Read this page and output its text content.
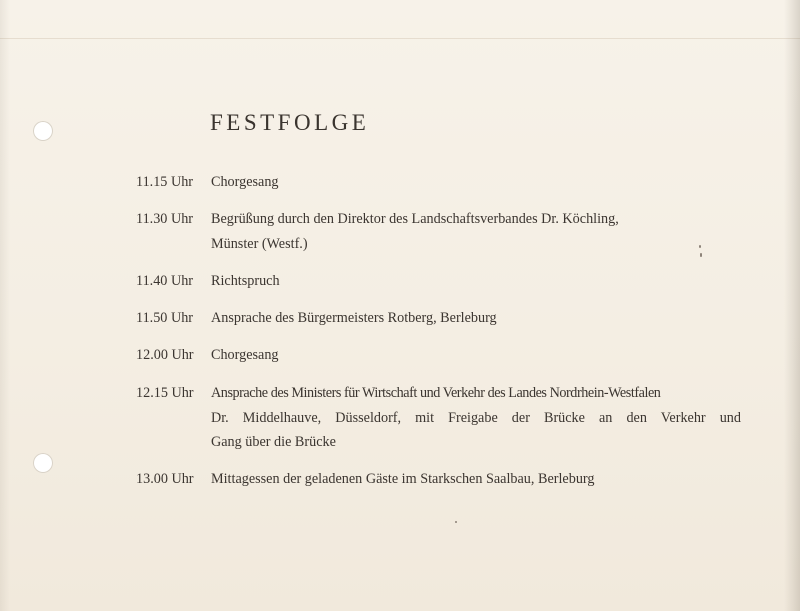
FESTFOLGE
11.15 Uhr	Chorgesang
11.30 Uhr	Begrüßung durch den Direktor des Landschaftsverbandes Dr. Köchling,
Münster (Westf.)
11.40 Uhr	Richtspruch
11.50 Uhr	Ansprache des Bürgermeisters Rotberg, Berleburg
12.00 Uhr	Chorgesang
12.15 Uhr	Ansprache des Ministers für Wirtschaft und Verkehr des Landes Nordrhein-Westfalen
Dr. Middelhauve, Düsseldorf, mit Freigabe der Brücke an den Verkehr und
Gang über die Brücke
13.00 Uhr	Mittagessen der geladenen Gäste im Starkschen Saalbau, Berleburg
